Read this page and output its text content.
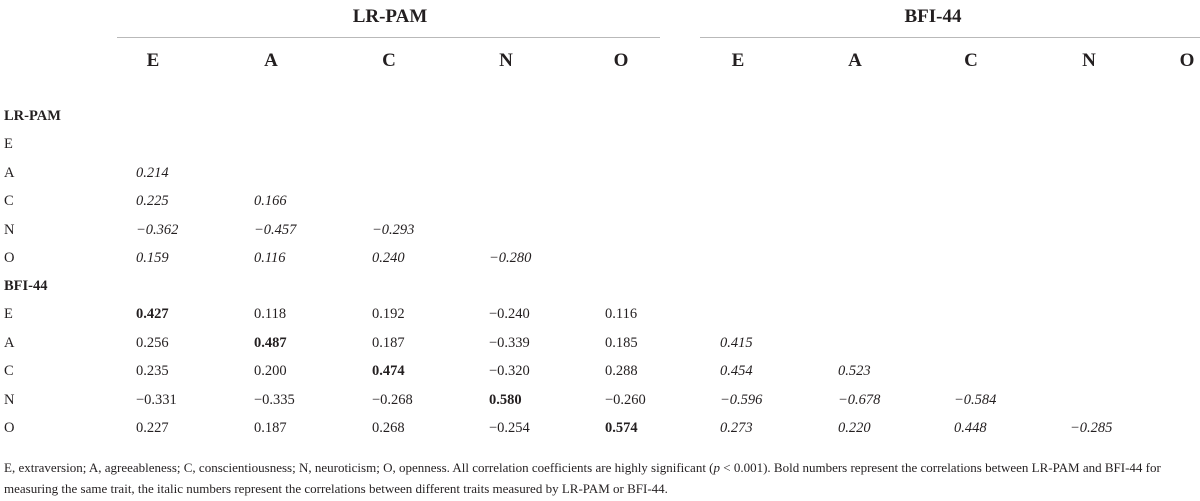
LR-PAM	BFI-44
E	A	C	N	O	E	A	C	N	O
LR-PAM
E
A	0.214
C	0.225	0.166
N	−0.362	−0.457	−0.293
O	0.159	0.116	0.240	−0.280
BFI-44
E	0.427	0.118	0.192	−0.240	0.116
A	0.256	0.487	0.187	−0.339	0.185	0.415
C	0.235	0.200	0.474	−0.320	0.288	0.454	0.523
N	−0.331	−0.335	−0.268	0.580	−0.260	−0.596	−0.678	−0.584
O	0.227	0.187	0.268	−0.254	0.574	0.273	0.220	0.448	−0.285
E, extraversion; A, agreeableness; C, conscientiousness; N, neuroticism; O, openness. All correlation coefficients are highly significant (p < 0.001). Bold numbers represent the correlations between LR-PAM and BFI-44 for measuring the same trait, the italic numbers represent the correlations between different traits measured by LR-PAM or BFI-44.
